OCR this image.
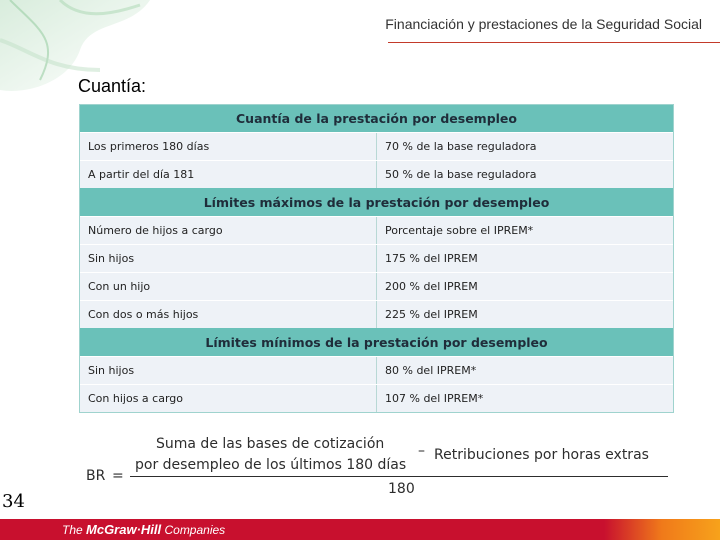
Financiación y prestaciones de la Seguridad Social
Cuantía:
Cuantía de la prestación por desempleo
Los primeros 180 días	70 % de la base reguladora
A partir del día 181	50 % de la base reguladora
Límites máximos de la prestación por desempleo
Número de hijos a cargo	Porcentaje sobre el IPREM*
Sin hijos	175 % del IPREM
Con un hijo	200 % del IPREM
Con dos o más hijos	225 % del IPREM
Límites mínimos de la prestación por desempleo
Sin hijos	80 % del IPREM*
Con hijos a cargo	107 % del IPREM*
BR =
Suma de las bases de cotización
por desempleo de los últimos 180 días
– Retribuciones por horas extras
180
34
The McGraw·Hill Companies
